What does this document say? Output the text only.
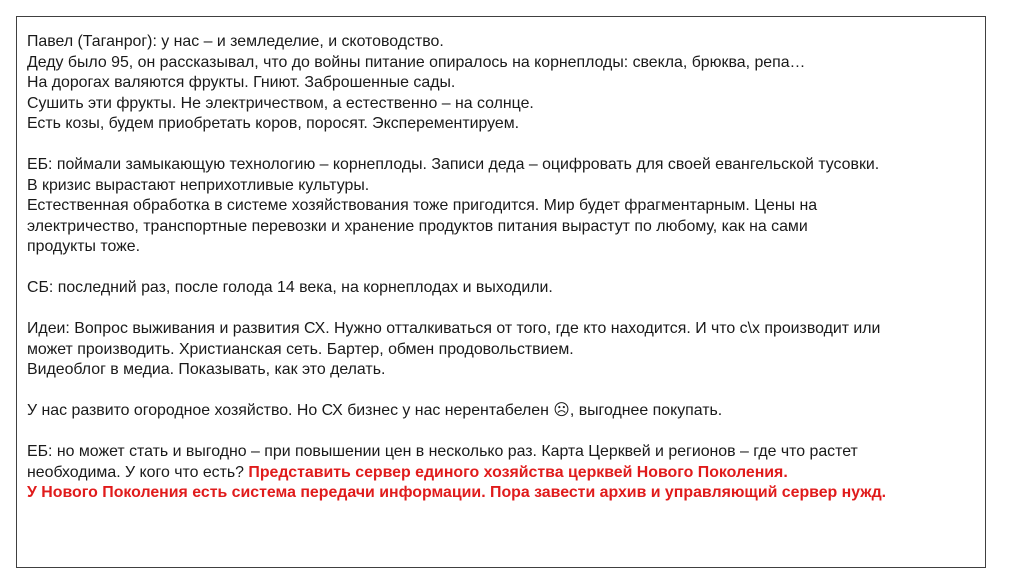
Павел (Таганрог): у нас – и земледелие, и скотоводство.
Деду было 95, он рассказывал, что до войны питание опиралось на корнеплоды: свекла, брюква, репа…
На дорогах валяются фрукты. Гниют. Заброшенные сады.
Сушить эти фрукты. Не электричеством, а естественно – на солнце.
Есть козы, будем приобретать коров, поросят. Эксперементируем.
ЕБ: поймали замыкающую технологию – корнеплоды. Записи деда – оцифровать для своей евангельской тусовки.
В кризис вырастают неприхотливые культуры.
Естественная обработка в системе хозяйствования тоже пригодится. Мир будет фрагментарным. Цены на
электричество, транспортные перевозки и хранение продуктов питания вырастут по любому, как на сами
продукты тоже.
СБ: последний раз, после голода 14 века, на корнеплодах и выходили.
Идеи: Вопрос выживания и развития СХ. Нужно отталкиваться от того, где кто находится. И что с\х производит или
может производить. Христианская сеть. Бартер, обмен продовольствием.
Видеоблог в медиа. Показывать, как это делать.
У нас развито огородное хозяйство. Но СХ бизнес у нас нерентабелен ☹, выгоднее покупать.
ЕБ: но может стать и выгодно – при повышении цен в несколько раз. Карта Церквей и регионов – где что растет
необходима. У кого что есть? Представить сервер единого хозяйства церквей Нового Поколения.
У Нового Поколения есть система передачи информации. Пора завести архив и управляющий сервер нужд.
